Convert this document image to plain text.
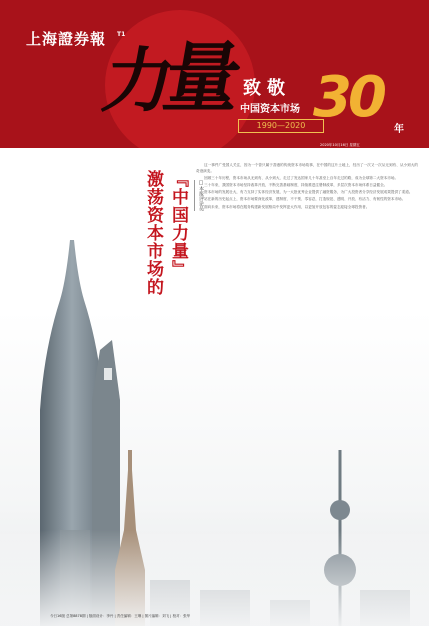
上海證券報 T1
力
量
致敬
中国资本市场
1990—2020 30 年
2020年10月16日 星期五
激荡资本市场的 『中国力量』	□本报评论员

这一事件广受国人关注，因为一个曾只属于香港的传统资本市场故事，在中国的这片土地上，经历了一次又一次从无到有、从小到大的奇迹演变。

回顾三十年历程，资本市场从无到有、从小到大，走过了发达国家几十年甚至上百年走过的路，成为全球第二大资本市场。

三十年来，我国资本市场坚持改革开放，不断完善基础制度，持续推进注册制改革，多层次资本市场体系日益健全。

资本市场的发展壮大，有力支持了实体经济发展，为一大批优秀企业提供了融资服务，为广大投资者分享经济发展成果提供了渠道。

站在新的历史起点上，资本市场要深化改革，建制度、不干预、零容忍，打造规范、透明、开放、有活力、有韧性的资本市场。

面向未来，资本市场将在服务构建新发展格局中发挥更大作用，以更加开放包容的姿态迎接全球投资者。

今日16版 总第8878期 | 版面设计：李丹 | 责任编辑：王琳 | 图片编辑：刘飞 | 校对：张华
